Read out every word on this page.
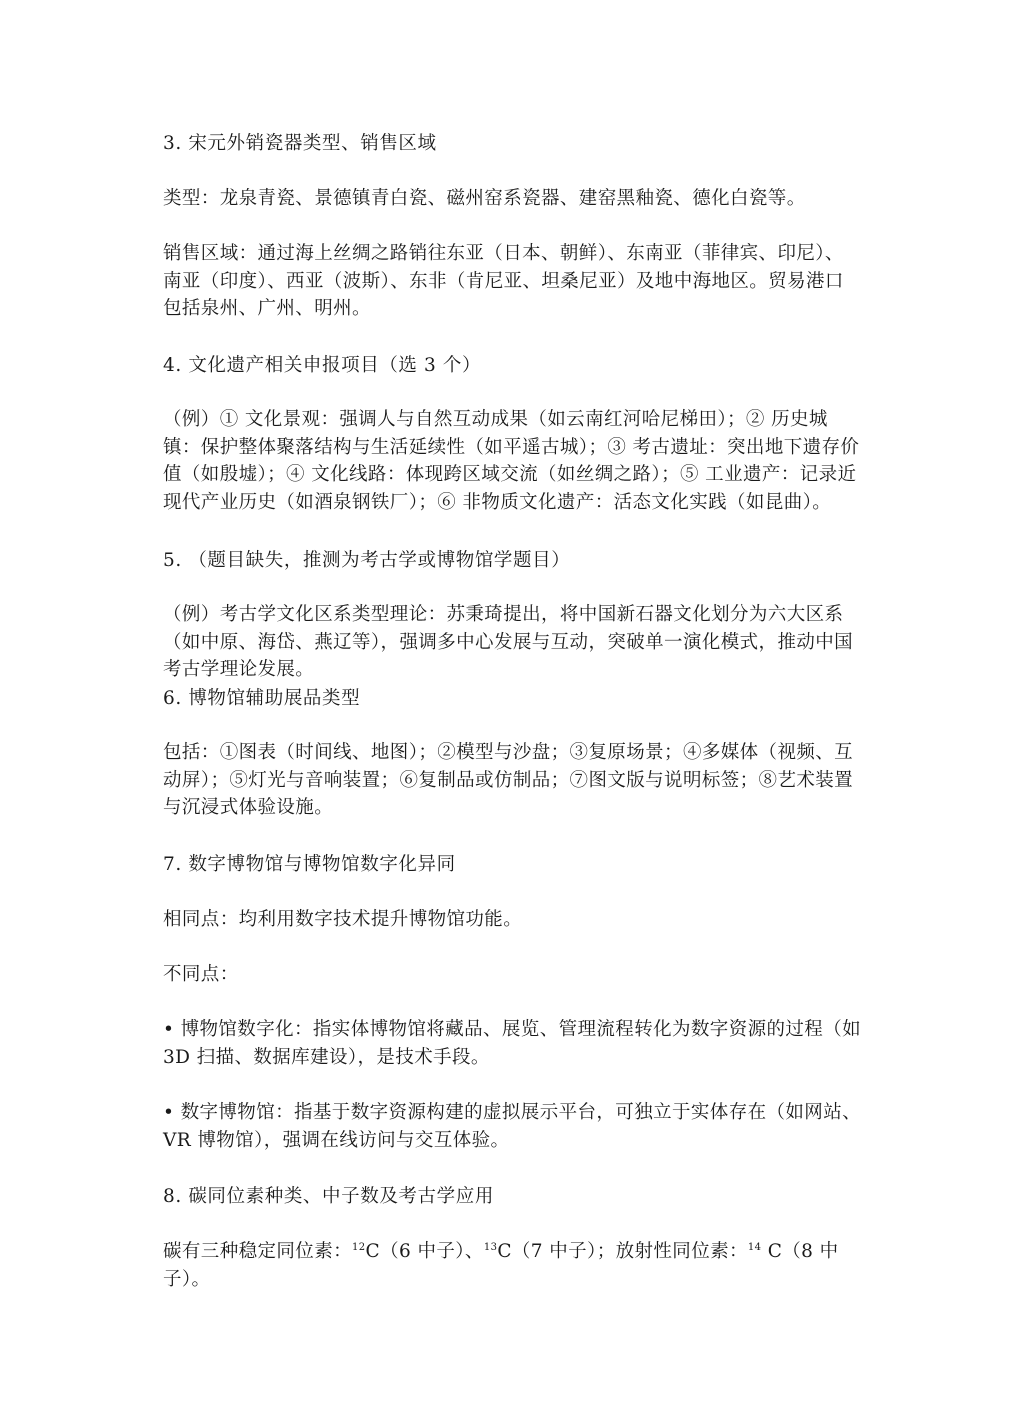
3. 宋元外销瓷器类型、销售区域

类型：龙泉青瓷、景德镇青白瓷、磁州窑系瓷器、建窑黑釉瓷、德化白瓷等。

销售区域：通过海上丝绸之路销往东亚（日本、朝鲜）、东南亚（菲律宾、印尼）、南亚（印度）、西亚（波斯）、东非（肯尼亚、坦桑尼亚）及地中海地区。贸易港口包括泉州、广州、明州。

4. 文化遗产相关申报项目（选 3 个）

（例）① 文化景观：强调人与自然互动成果（如云南红河哈尼梯田）；② 历史城镇：保护整体聚落结构与生活延续性（如平遥古城）；③ 考古遗址：突出地下遗存价值（如殷墟）；④ 文化线路：体现跨区域交流（如丝绸之路）；⑤ 工业遗产：记录近现代产业历史（如酒泉钢铁厂）；⑥ 非物质文化遗产：活态文化实践（如昆曲）。

5. （题目缺失，推测为考古学或博物馆学题目）

（例）考古学文化区系类型理论：苏秉琦提出，将中国新石器文化划分为六大区系（如中原、海岱、燕辽等），强调多中心发展与互动，突破单一演化模式，推动中国考古学理论发展。

6. 博物馆辅助展品类型

包括：①图表（时间线、地图）；②模型与沙盘；③复原场景；④多媒体（视频、互动屏）；⑤灯光与音响装置；⑥复制品或仿制品；⑦图文版与说明标签；⑧艺术装置与沉浸式体验设施。

7. 数字博物馆与博物馆数字化异同

相同点：均利用数字技术提升博物馆功能。

不同点：

• 博物馆数字化：指实体博物馆将藏品、展览、管理流程转化为数字资源的过程（如 3D 扫描、数据库建设），是技术手段。

• 数字博物馆：指基于数字资源构建的虚拟展示平台，可独立于实体存在（如网站、VR 博物馆），强调在线访问与交互体验。

8. 碳同位素种类、中子数及考古学应用

碳有三种稳定同位素：$^{12}$C（6 中子）、$^{13}$C（7 中子）；放射性同位素：$^{14}$ C（8 中子）。
